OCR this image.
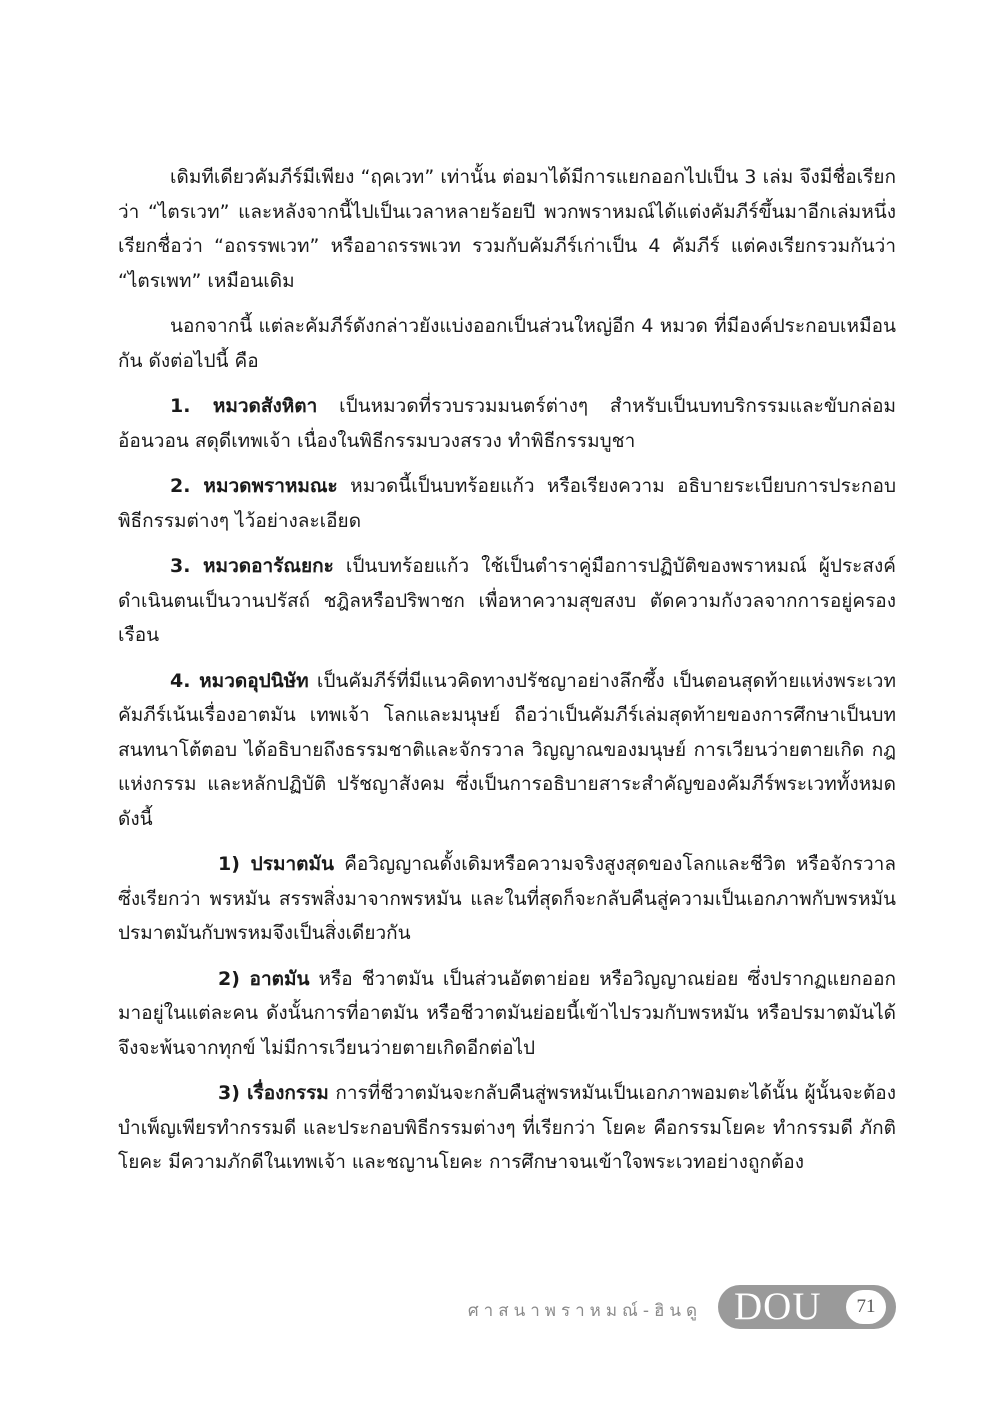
เดิมทีเดียวคัมภีร์มีเพียง “ฤคเวท” เท่านั้น ต่อมาได้มีการแยกออกไปเป็น 3 เล่ม จึงมีชื่อเรียกว่า “ไตรเวท” และหลังจากนี้ไปเป็นเวลาหลายร้อยปี พวกพราหมณ์ได้แต่งคัมภีร์ขึ้นมาอีกเล่มหนึ่งเรียกชื่อว่า “อถรรพเวท” หรืออาถรรพเวท รวมกับคัมภีร์เก่าเป็น 4 คัมภีร์ แต่คงเรียกรวมกันว่า “ไตรเพท” เหมือนเดิม

นอกจากนี้ แต่ละคัมภีร์ดังกล่าวยังแบ่งออกเป็นส่วนใหญ่อีก 4 หมวด ที่มีองค์ประกอบเหมือนกัน ดังต่อไปนี้ คือ

1. หมวดสังหิตา เป็นหมวดที่รวบรวมมนตร์ต่างๆ สำหรับเป็นบทบริกรรมและขับกล่อมอ้อนวอน สดุดีเทพเจ้า เนื่องในพิธีกรรมบวงสรวง ทำพิธีกรรมบูชา

2. หมวดพราหมณะ หมวดนี้เป็นบทร้อยแก้ว หรือเรียงความ อธิบายระเบียบการประกอบพิธีกรรมต่างๆ ไว้อย่างละเอียด

3. หมวดอารัณยกะ เป็นบทร้อยแก้ว ใช้เป็นตำราคู่มือการปฏิบัติของพราหมณ์ ผู้ประสงค์ดำเนินตนเป็นวานปรัสถ์ ชฎิลหรือปริพาชก เพื่อหาความสุขสงบ ตัดความกังวลจากการอยู่ครองเรือน

4. หมวดอุปนิษัท เป็นคัมภีร์ที่มีแนวคิดทางปรัชญาอย่างลึกซึ้ง เป็นตอนสุดท้ายแห่งพระเวท คัมภีร์เน้นเรื่องอาตมัน เทพเจ้า โลกและมนุษย์ ถือว่าเป็นคัมภีร์เล่มสุดท้ายของการศึกษาเป็นบทสนทนาโต้ตอบ ได้อธิบายถึงธรรมชาติและจักรวาล วิญญาณของมนุษย์ การเวียนว่ายตายเกิด กฎแห่งกรรม และหลักปฏิบัติ ปรัชญาสังคม ซึ่งเป็นการอธิบายสาระสำคัญของคัมภีร์พระเวททั้งหมด ดังนี้

1) ปรมาตมัน คือวิญญาณดั้งเดิมหรือความจริงสูงสุดของโลกและชีวิต หรือจักรวาลซึ่งเรียกว่า พรหมัน สรรพสิ่งมาจากพรหมัน และในที่สุดก็จะกลับคืนสู่ความเป็นเอกภาพกับพรหมัน ปรมาตมันกับพรหมจึงเป็นสิ่งเดียวกัน

2) อาตมัน หรือ ชีวาตมัน เป็นส่วนอัตตาย่อย หรือวิญญาณย่อย ซึ่งปรากฏแยกออกมาอยู่ในแต่ละคน ดังนั้นการที่อาตมัน หรือชีวาตมันย่อยนี้เข้าไปรวมกับพรหมัน หรือปรมาตมันได้จึงจะพ้นจากทุกข์ ไม่มีการเวียนว่ายตายเกิดอีกต่อไป

3) เรื่องกรรม การที่ชีวาตมันจะกลับคืนสู่พรหมันเป็นเอกภาพอมตะได้นั้น ผู้นั้นจะต้องบำเพ็ญเพียรทำกรรมดี และประกอบพิธีกรรมต่างๆ ที่เรียกว่า โยคะ คือกรรมโยคะ ทำกรรมดี ภักติโยคะ มีความภักดีในเทพเจ้า และชญานโยคะ การศึกษาจนเข้าใจพระเวทอย่างถูกต้อง

ศาสนาพราหมณ์-ฮินดู DOU	71
